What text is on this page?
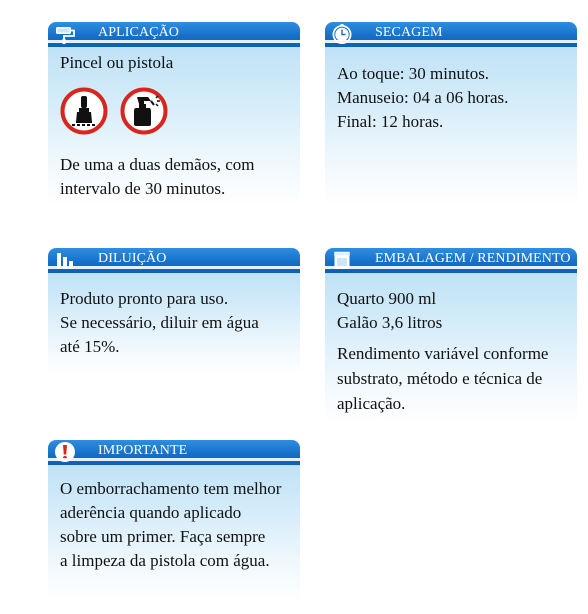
APLICAÇÃO
Pincel ou pistola
De uma a duas demãos, com
intervalo de 30 minutos.
SECAGEM
Ao toque: 30 minutos.
Manuseio: 04 a 06 horas.
Final: 12 horas.
DILUIÇÃO
Produto pronto para uso.
Se necessário, diluir em água
até 15%.
EMBALAGEM / RENDIMENTO
Quarto 900 ml
Galão 3,6 litros
Rendimento variável conforme
substrato, método e técnica de
aplicação.
IMPORTANTE
O emborrachamento tem melhor
aderência quando aplicado
sobre um primer. Faça sempre
a limpeza da pistola com água.
